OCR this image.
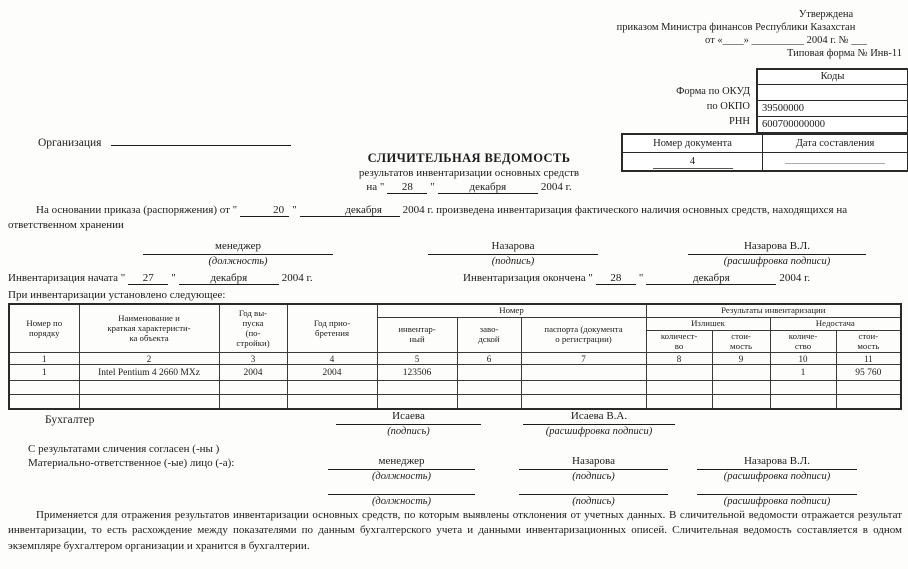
Утверждена
приказом Министра финансов Республики Казахстан
от «____» __________ 2004 г. № ___
Типовая форма № Инв-11
Форма по ОКУД
по ОКПО
РНН
Коды
39500000
600700000000
Организация	Номер документа	Дата составления
4
СЛИЧИТЕЛЬНАЯ ВЕДОМОСТЬ
результатов инвентаризации основных средств
на " 28 "	декабря	2004 г.
На основании приказа (распоряжения) от "	20 "	декабря 2004 г. произведена инвентаризация фактического наличия основных средств, находящихся на ответственном хранении
менеджер
(должность)
Назарова
(подпись)
Назарова В.Л.
(расшифровка подписи)
Инвентаризация начата " 27 "	декабря	2004 г.	Инвентаризация окончена " 28 "	декабря	2004 г.
При инвентаризации установлено следующее:
Номер по
порядку	Наименование и
краткая характеристи-
ка объекта	Год вы-
пуска
(по-
стройки)	Год прио-
бретения	Номер			Результаты инвентаризации			
				инвентар-
ный	заво-
дской	паспорта (документа
о регистрации)	Излишек		Недостача	
							количест-
во	стои-
мость	количе-
ство	стои-
мость
1	2	3	4	5	6	7	8	9	10	11
1	Intel Pentium 4 2660 MXz	2004	2004	123506					1	95 760

Бухгалтер	Исаева
(подпись)
Исаева В.А.
(расшифровка подписи)
С результатами сличения согласен (-ны )
Материально-ответственное (-ые) лицо (-а):	менеджер
(должность)
Назарова
(подпись)
Назарова В.Л.
(расшифровка подписи)
(должность)	(подпись)	(расшифровка подписи)
Применяется для отражения результатов инвентаризации основных средств, по которым выявлены отклонения от учетных данных. В сличительной ведомости отражается результат инвентаризации, то есть расхождение между показателями по данным бухгалтерского учета и данными инвентаризационных описей. Сличительная ведомость составляется в одном экземпляре бухгалтером организации и хранится в бухгалтерии.
